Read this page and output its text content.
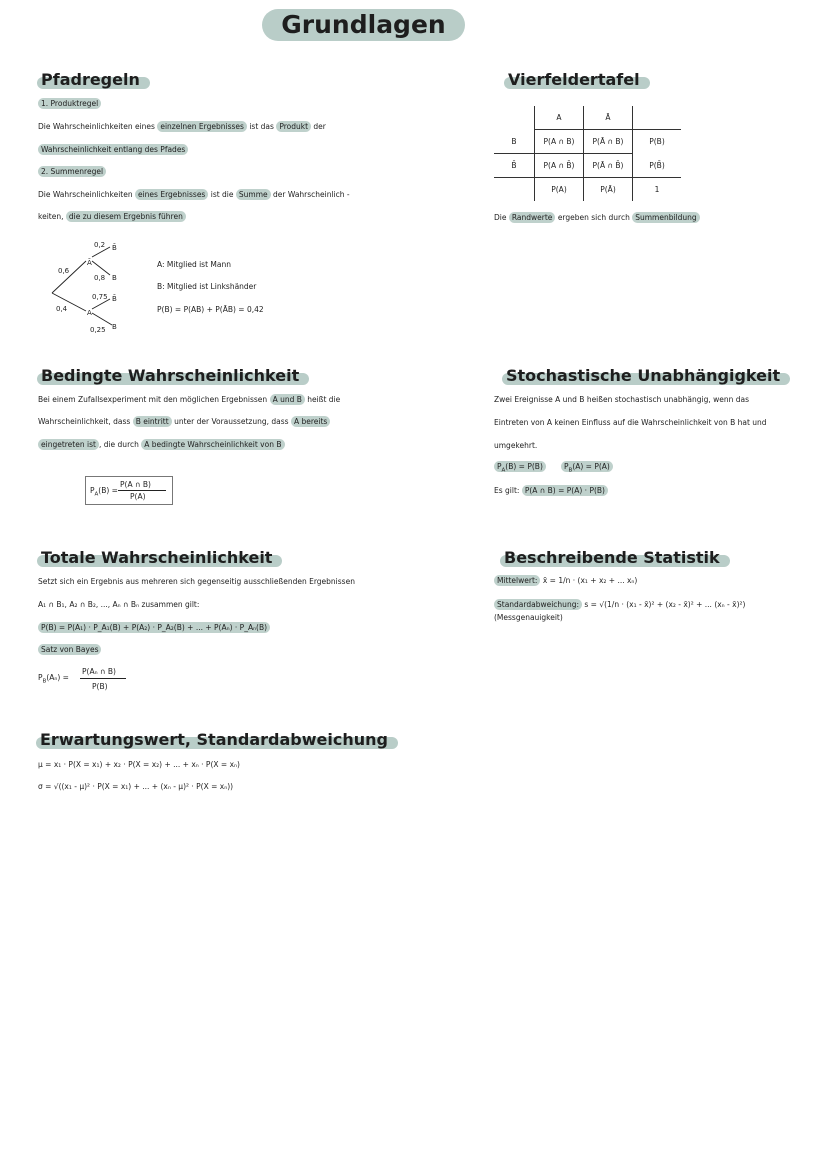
Grundlagen
Pfadregeln
1. Produktregel
Die Wahrscheinlichkeiten eines einzelnen Ergebnisses ist das Produkt der
Wahrscheinlichkeit entlang des Pfades
2. Summenregel
Die Wahrscheinlichkeiten eines Ergebnisses ist die Summe der Wahrscheinlich -
keiten, die zu diesem Ergebnis führen
0,6
0,4
Ā
A
0,2 B̄
0,8 B
0,75 B̄
0,25 B
A: Mitglied ist Mann
B: Mitglied ist Linkshänder
P(B) = P(AB) + P(ĀB) = 0,42
Vierfeldertafel
	A	Ā	
B	P(A ∩ B)	P(Ā ∩ B)	P(B)
B̄	P(A ∩ B̄)	P(Ā ∩ B̄)	P(B̄)
	P(A)	P(Ā)	1
Die Randwerte ergeben sich durch Summenbildung
Bedingte Wahrscheinlichkeit
Bei einem Zufallsexperiment mit den möglichen Ergebnissen A und B heißt die
Wahrscheinlichkeit, dass B eintritt unter der Voraussetzung, dass A bereits
eingetreten ist , die durch A bedingte Wahrscheinlichkeit von B
$P_A(B)$ =
P(A ∩ B)
P(A)
Stochastische Unabhängigkeit
Zwei Ereignisse A und B heißen stochastisch unabhängig, wenn das
Eintreten von A keinen Einfluss auf die Wahrscheinlichkeit von B hat und
umgekehrt.
$P_A(B) = P(B)$	$P_B(A) = P(A)$
Es gilt: P(A ∩ B) = P(A) · P(B)
Totale Wahrscheinlichkeit
Setzt sich ein Ergebnis aus mehreren sich gegenseitig ausschließenden Ergebnissen
A₁ ∩ B₁, A₂ ∩ B₂, ..., Aₙ ∩ Bₙ zusammen gilt:
P(B) = P(A₁) · P_A₁(B) + P(A₂) · P_A₂(B) + ... + P(Aₙ) · P_Aₙ(B)
Satz von Bayes
$P_B(A_n)$ =
P(Aₙ ∩ B)
P(B)
Beschreibende Statistik
Mittelwert: x̄ = 1/n · (x₁ + x₂ + ... xₙ)
Standardabweichung: s = √(1/n · (x₁ - x̄)² + (x₂ - x̄)² + ... (xₙ - x̄)²)
(Messgenauigkeit)
Erwartungswert, Standardabweichung
μ = x₁ · P(X = x₁) + x₂ · P(X = x₂) + ... + xₙ · P(X = xₙ)
σ = √((x₁ - μ)² · P(X = x₁) + ... + (xₙ - μ)² · P(X = xₙ))
